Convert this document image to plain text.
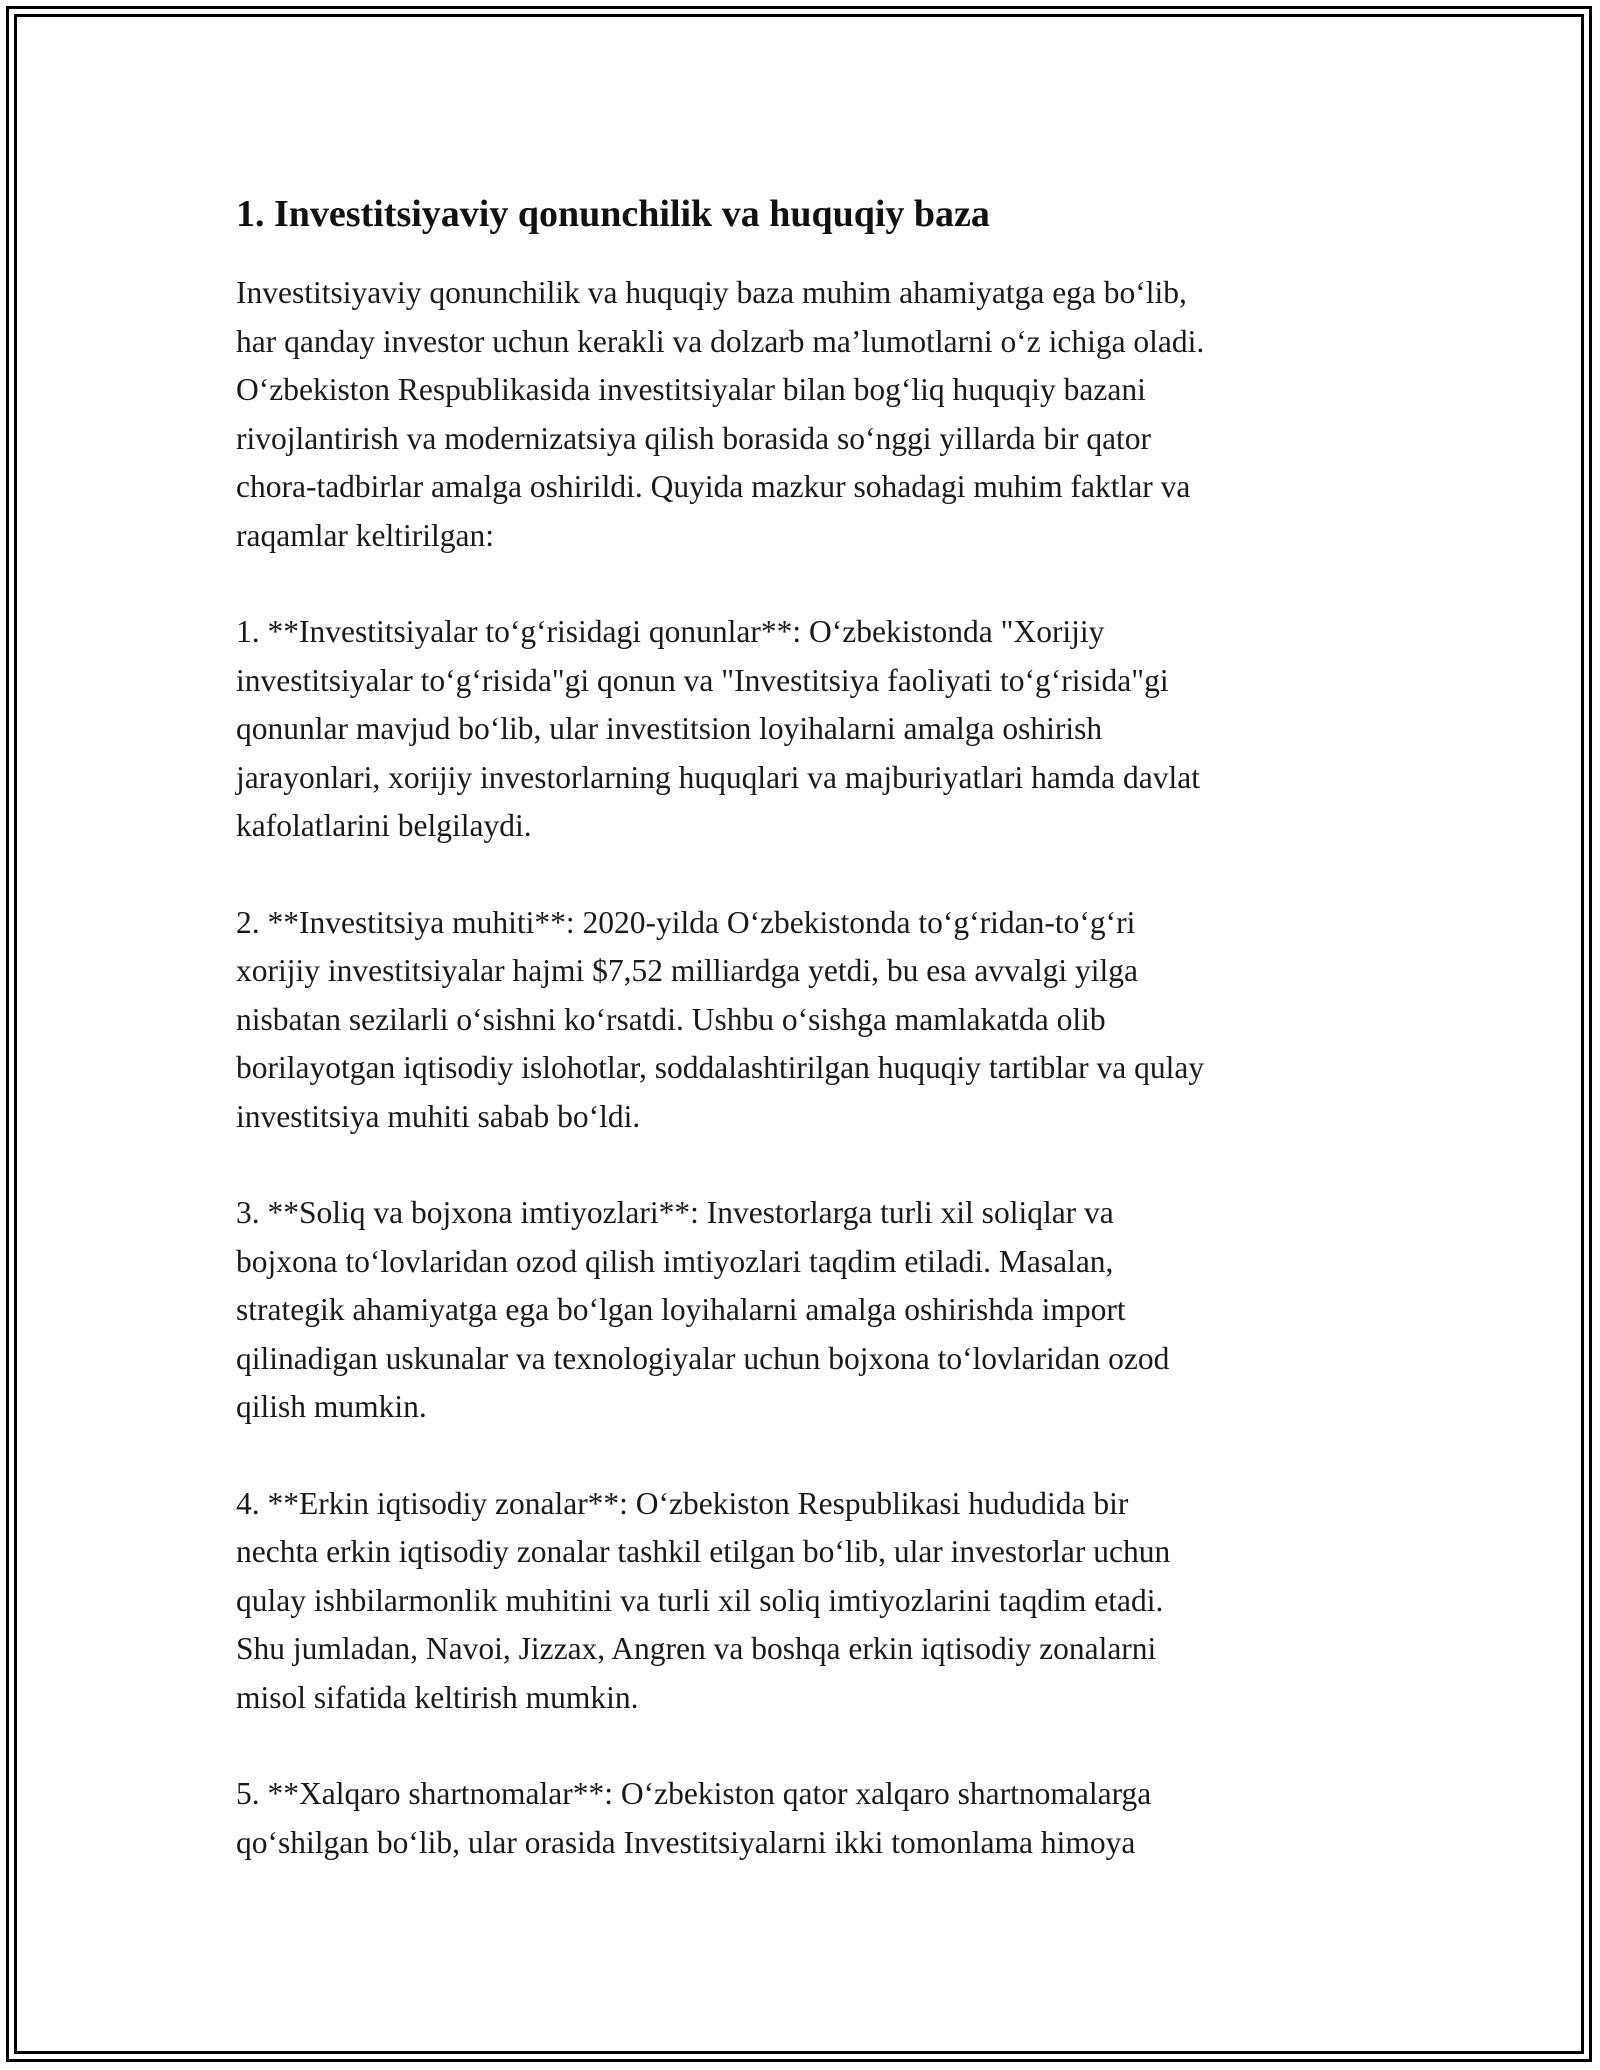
1. Investitsiyaviy qonunchilik va huquqiy baza

Investitsiyaviy qonunchilik va huquqiy baza muhim ahamiyatga ega bo‘lib,
har qanday investor uchun kerakli va dolzarb ma’lumotlarni o‘z ichiga oladi.
O‘zbekiston Respublikasida investitsiyalar bilan bog‘liq huquqiy bazani
rivojlantirish va modernizatsiya qilish borasida so‘nggi yillarda bir qator
chora-tadbirlar amalga oshirildi. Quyida mazkur sohadagi muhim faktlar va
raqamlar keltirilgan:

1. **Investitsiyalar to‘g‘risidagi qonunlar**: O‘zbekistonda "Xorijiy
investitsiyalar to‘g‘risida"gi qonun va "Investitsiya faoliyati to‘g‘risida"gi
qonunlar mavjud bo‘lib, ular investitsion loyihalarni amalga oshirish
jarayonlari, xorijiy investorlarning huquqlari va majburiyatlari hamda davlat
kafolatlarini belgilaydi.

2. **Investitsiya muhiti**: 2020-yilda O‘zbekistonda to‘g‘ridan-to‘g‘ri
xorijiy investitsiyalar hajmi $7,52 milliardga yetdi, bu esa avvalgi yilga
nisbatan sezilarli o‘sishni ko‘rsatdi. Ushbu o‘sishga mamlakatda olib
borilayotgan iqtisodiy islohotlar, soddalashtirilgan huquqiy tartiblar va qulay
investitsiya muhiti sabab bo‘ldi.

3. **Soliq va bojxona imtiyozlari**: Investorlarga turli xil soliqlar va
bojxona to‘lovlaridan ozod qilish imtiyozlari taqdim etiladi. Masalan,
strategik ahamiyatga ega bo‘lgan loyihalarni amalga oshirishda import
qilinadigan uskunalar va texnologiyalar uchun bojxona to‘lovlaridan ozod
qilish mumkin.

4. **Erkin iqtisodiy zonalar**: O‘zbekiston Respublikasi hududida bir
nechta erkin iqtisodiy zonalar tashkil etilgan bo‘lib, ular investorlar uchun
qulay ishbilarmonlik muhitini va turli xil soliq imtiyozlarini taqdim etadi.
Shu jumladan, Navoi, Jizzax, Angren va boshqa erkin iqtisodiy zonalarni
misol sifatida keltirish mumkin.

5. **Xalqaro shartnomalar**: O‘zbekiston qator xalqaro shartnomalarga
qo‘shilgan bo‘lib, ular orasida Investitsiyalarni ikki tomonlama himoya
